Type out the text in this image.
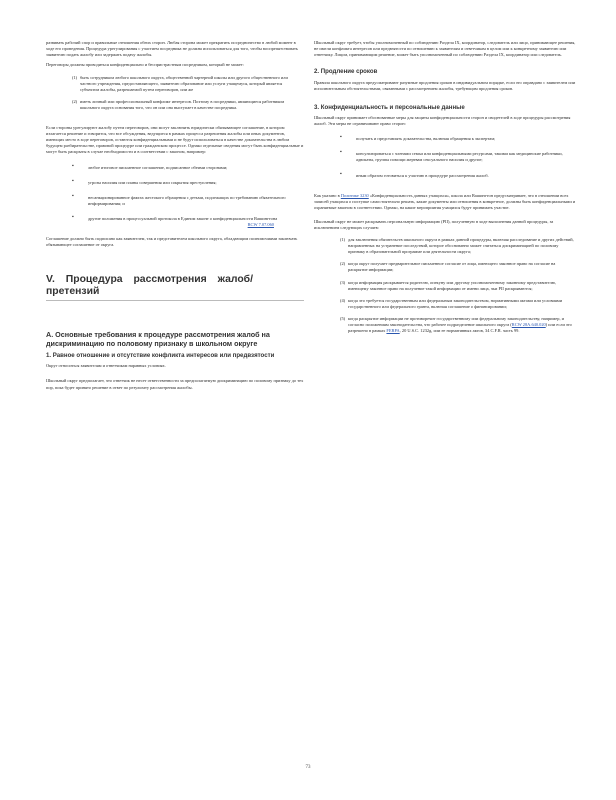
развивать рабочий спор и правильные отношения обеих сторон. Любая сторона может прекратить посредничество в любой момент в ходе его проведения. Процедура урегулирования с участием посредника не должна использоваться для того, чтобы воспрепятствовать заявителю подать жалобу или задержать подачу жалобы.

Переговоры должны проводиться конфиденциально и беспристрастным посредником, который не может:

(1) быть сотрудником любого школьного округа, общественной чартерной школы или другого общественного или частного учреждения, предоставляющего, заявителю образование или услуги учащемуся, который является субъектом жалобы, разрешаемой путем переговоров, или же
(2) иметь личный или профессиональный конфликт интересов. Поэтому в посредники, являющиеся работником школьного округа основания того, что он или она выступает в качестве посредника.

Если стороны урегулируют жалобу путем переговоров, они могут заключить юридически обязывающее соглашение, в котором излагается решение и говорится, что все обсуждения, ведущиеся в рамках процесса разрешения жалобы или иных документов, имеющих место в ходе переговоров, остаются конфиденциальными и не будут использоваться в качестве доказательства в любом будущем разбирательстве, правовой процедуре или гражданском процессе. Однако отдельные сведения могут быть конфиденциальные и могут быть раскрыты в случае необходимости и в соответствии с законом, например:

▪	любое итоговое письменное соглашение, подписанное обеими сторонами;
▪	угрозы насилия или планы совершения или сокрытия преступления;
▪	несанкционированное фактах жестокого обращения с детьми, подлежащих по требованию обязательного информирования; и
▪	другие положения в процессуальной протокола в Едином законе о конфиденциальности Вашингтона
RCW 7.07.060

Соглашение должно быть подписано как заявителем, так и представителем школьного округа, обладающим полномочиями заключать обязывающее соглашение от округа.

V. Процедура рассмотрения жалоб/претензий
A. Основные требования к процедуре рассмотрения жалоб на дискриминацию по половому признаку в школьном округе
1. Равное отношение и отсутствие конфликта интересов или предвзятости

Округ относиться заявителям и ответчикам наравных условиях.

Школьный округ предполагает, что ответчик не несет ответственности за предполагаемую дискриминацию по половому признаку до тех пор, пока будет принято решение в ответ по результату рассмотрения жалобы.

Школьный округ требует, чтобы уполномоченный по соблюдению Раздела IX, координатор, следователь или лицо, принимающее решения, не имели конфликта интересов или предвзятости по отношению к заявителям и ответчикам в целом или к конкретному заявителю или ответчику. Лицом, принимающим решение, может быть уполномоченный по соблюдению Раздела IX, координатор или следователь.

2. Продление сроков

Правила школьного округа предусматривают разумные продления сроков в индивидуальном порядке, если это оправдано с заявителем или исполнительным обстоятельствами, связанными с рассмотрением жалобы, требующим продления сроков.

3. Конфиденциальность и персональные данные

Школьный округ принимает обоснованные меры для защиты конфиденциальности сторон и свидетелей в ходе процедуры рассмотрения жалоб. Эти меры не ограничивают право сторон:

▪	получать и представлять доказательства, включая обращения к экспертам;
▪	консультироваться с членами семьи или конфиденциальными ресурсами, такими как медицинские работники, адвокаты, группы помощи жертвам сексуального насилия и другие;
▪	иным образом готовиться к участию в процедуре рассмотрения жалоб.

Как указано в Политике 3230 «Конфиденциальность данных учащихся», школа или Вашингтон предусматривает, что в отношении всех записей учащихся о поступке самостоятельно решать, какие документы или отношения в конкретное, должны быть конфиденциальными и охраняемые законом в соответствии. Однако, на какие мероприятия учащихся будут принимать участие.

Школьный округ не может раскрывать персональную информацию (PII), полученную в ходе выполнения данной процедуры, за исключением следующих случаев:

(1) для заключения обязательств школьного округа в рамках данной процедуры, включая расследование и других действий, направленных на устранение последствий, которое обоснованно может считаться дискриминацией по половому признаку в образовательной программе или деятельности округа;
(2) когда округ получает предварительное письменное согласие от лица, имеющего законное право на согласие на раскрытие информации;
(3) когда информация раскрывается родителю, опекуну или другому уполномоченному законному представителю, имеющему законное право на получение такой информации от имени лица, чьи PII раскрываются;
(4) когда это требуется государственным или федеральным законодательством, нормативными актами или условиями государственного или федерального гранта, включая соглашение о финансировании;
(5) когда раскрытие информации не противоречит государственному или федеральному законодательству, например, и согласно положениям законодательства, что рабочее подразделение школьного округа (RCW 28A.640.020) или если это разрешено в рамках FERPA, 20 U.S.C. 1232g, или ее нормативных актов, 34 C.F.R. часть 99.
73
